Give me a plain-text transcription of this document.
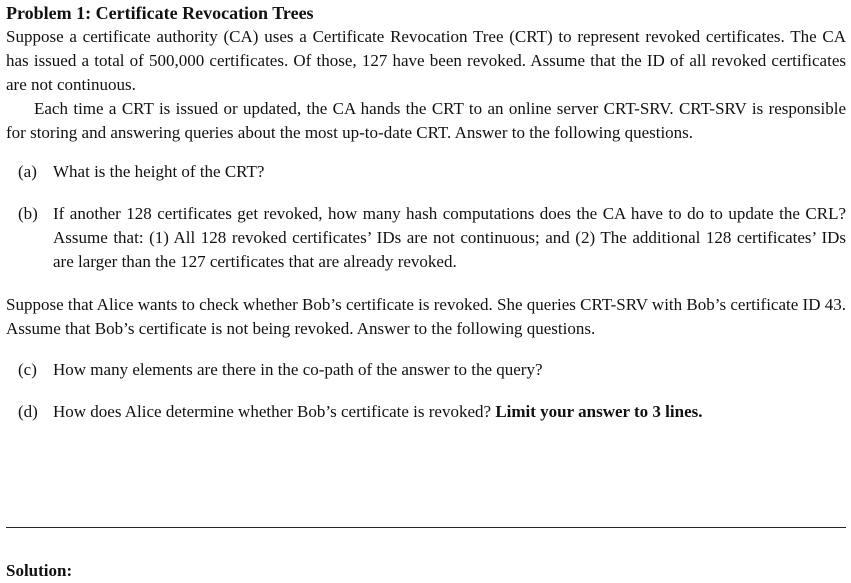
Problem 1: Certificate Revocation Trees

Suppose a certificate authority (CA) uses a Certificate Revocation Tree (CRT) to represent revoked certificates. The CA has issued a total of 500,000 certificates. Of those, 127 have been revoked. Assume that the ID of all revoked certificates are not continuous.

Each time a CRT is issued or updated, the CA hands the CRT to an online server CRT-SRV. CRT-SRV is responsible for storing and answering queries about the most up-to-date CRT. Answer to the following questions.

(a) What is the height of the CRT?
(b) If another 128 certificates get revoked, how many hash computations does the CA have to do to update the CRL? Assume that: (1) All 128 revoked certificates’ IDs are not continuous; and (2) The additional 128 certificates’ IDs are larger than the 127 certificates that are already revoked.

Suppose that Alice wants to check whether Bob’s certificate is revoked. She queries CRT-SRV with Bob’s certificate ID 43. Assume that Bob’s certificate is not being revoked. Answer to the following questions.

(c) How many elements are there in the co-path of the answer to the query?
(d) How does Alice determine whether Bob’s certificate is revoked? Limit your answer to 3 lines.
Solution:
